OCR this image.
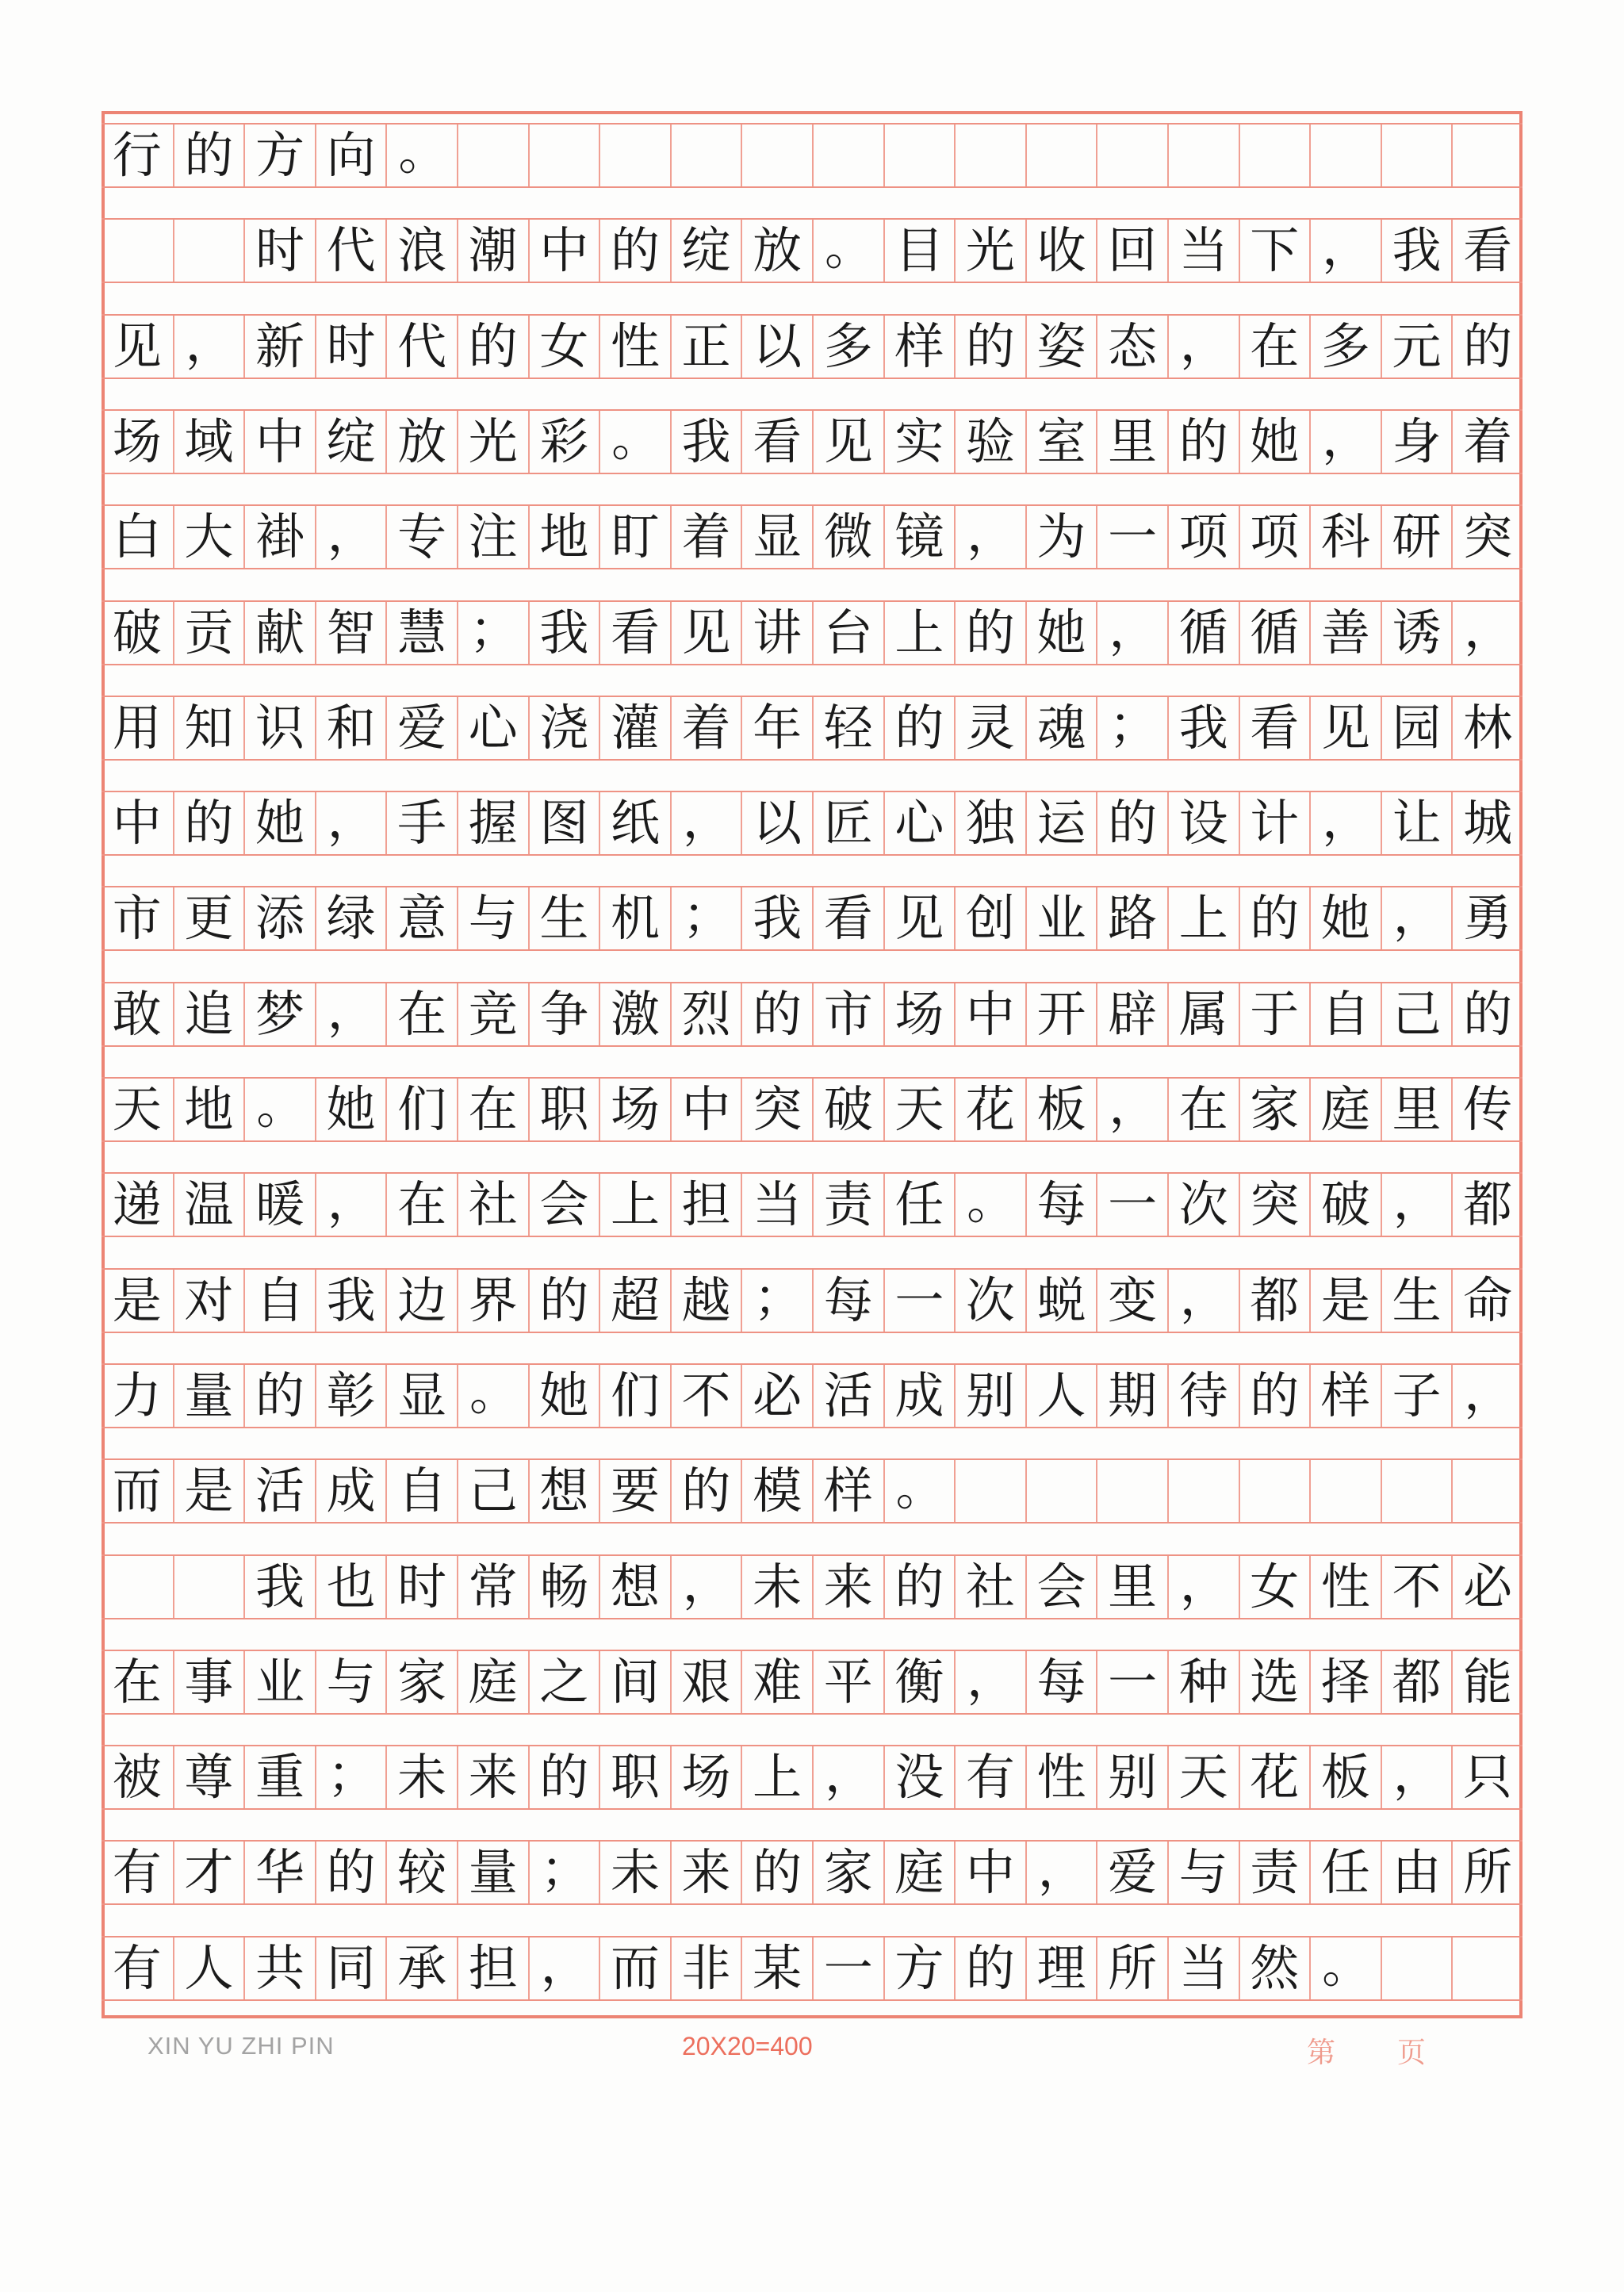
行 的 方 向 。

时 代 浪 潮 中 的 绽 放 。 目 光 收 回 当 下 ， 我 看
见 ， 新 时 代 的 女 性 正 以 多 样 的 姿 态 ， 在 多 元 的
场 域 中 绽 放 光 彩 。 我 看 见 实 验 室 里 的 她 ， 身 着
白 大 褂 ， 专 注 地 盯 着 显 微 镜 ， 为 一 项 项 科 研 突
破 贡 献 智 慧 ； 我 看 见 讲 台 上 的 她 ， 循 循 善 诱 ，
用 知 识 和 爱 心 浇 灌 着 年 轻 的 灵 魂 ； 我 看 见 园 林
中 的 她 ， 手 握 图 纸 ， 以 匠 心 独 运 的 设 计 ， 让 城
市 更 添 绿 意 与 生 机 ； 我 看 见 创 业 路 上 的 她 ， 勇
敢 追 梦 ， 在 竞 争 激 烈 的 市 场 中 开 辟 属 于 自 己 的
天 地 。 她 们 在 职 场 中 突 破 天 花 板 ， 在 家 庭 里 传
递 温 暖 ， 在 社 会 上 担 当 责 任 。 每 一 次 突 破 ， 都
是 对 自 我 边 界 的 超 越 ； 每 一 次 蜕 变 ， 都 是 生 命
力 量 的 彰 显 。 她 们 不 必 活 成 别 人 期 待 的 样 子 ，
而 是 活 成 自 己 想 要 的 模 样 。

我 也 时 常 畅 想 ， 未 来 的 社 会 里 ， 女 性 不 必
在 事 业 与 家 庭 之 间 艰 难 平 衡 ， 每 一 种 选 择 都 能
被 尊 重 ； 未 来 的 职 场 上 ， 没 有 性 别 天 花 板 ， 只
有 才 华 的 较 量 ； 未 来 的 家 庭 中 ， 爱 与 责 任 由 所
有 人 共 同 承 担 ， 而 非 某 一 方 的 理 所 当 然 。
XIN YU ZHI PIN	20X20=400	第 页
